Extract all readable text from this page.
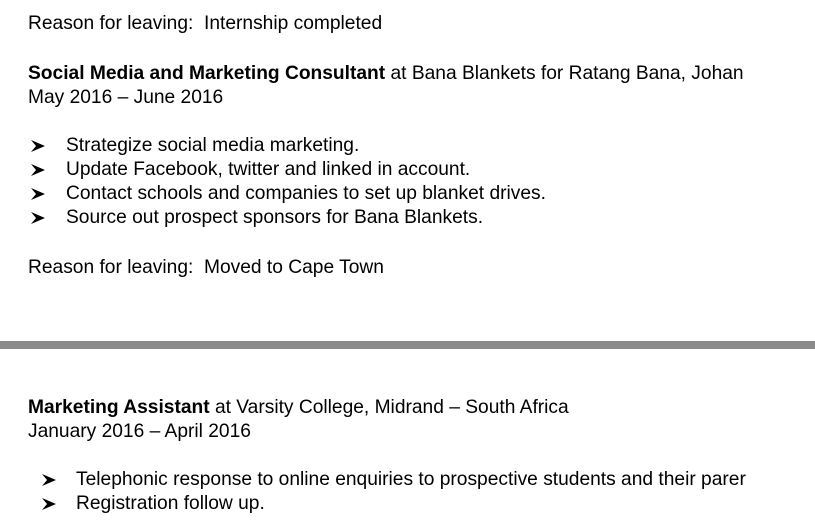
Reason for leaving: Internship completed
Social Media and Marketing Consultant at Bana Blankets for Ratang Bana, Johan
May 2016 – June 2016
Strategize social media marketing.
Update Facebook, twitter and linked in account.
Contact schools and companies to set up blanket drives.
Source out prospect sponsors for Bana Blankets.
Reason for leaving: Moved to Cape Town
Marketing Assistant at Varsity College, Midrand – South Africa
January 2016 – April 2016
Telephonic response to online enquiries to prospective students and their parer
Registration follow up.
